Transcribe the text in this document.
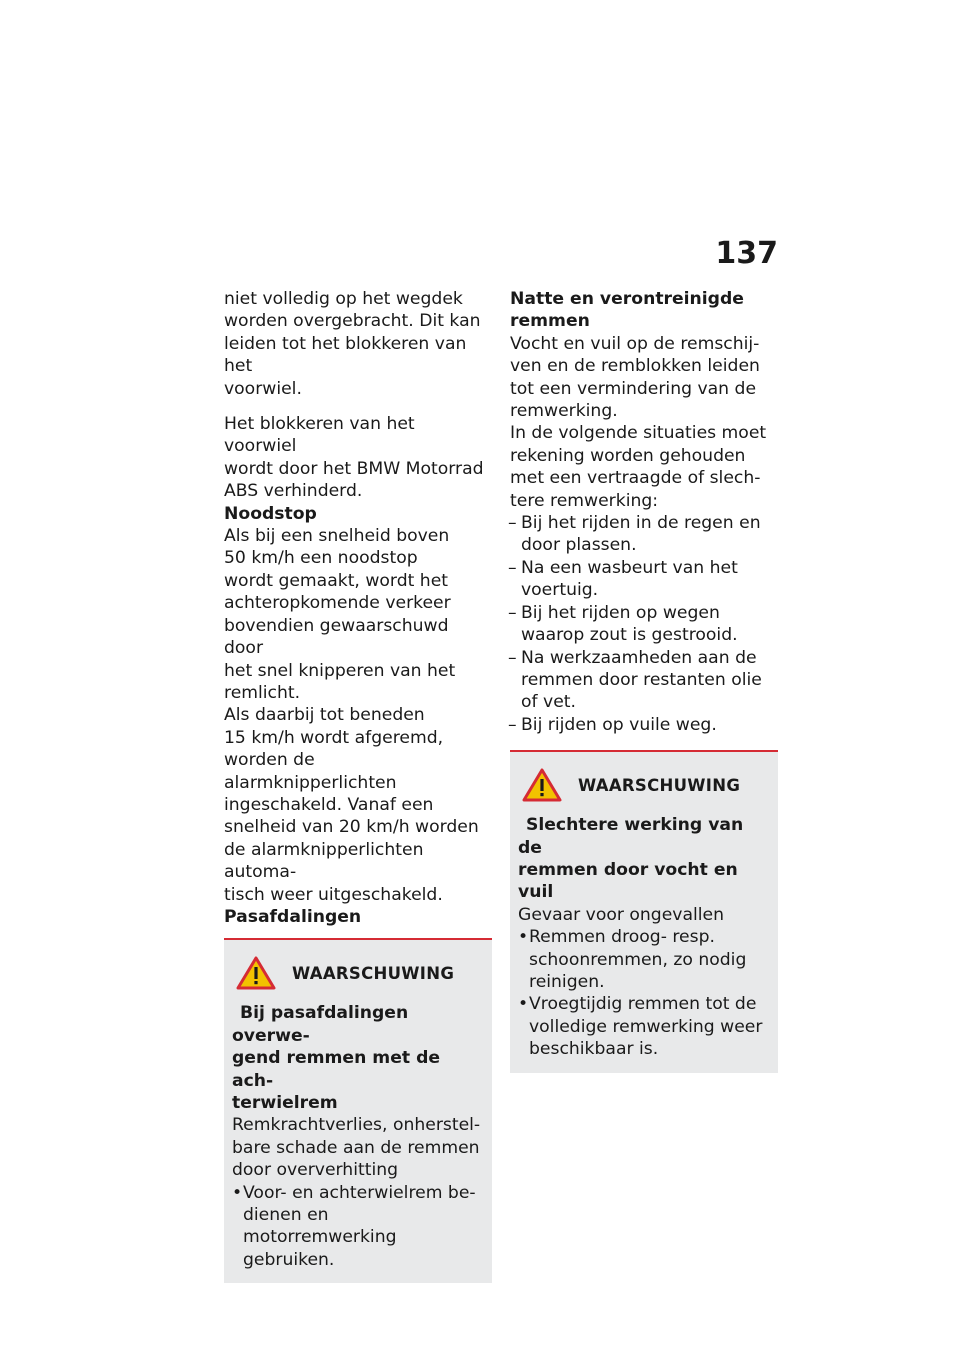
137

niet volledig op het wegdek
worden overgebracht. Dit kan
leiden tot het blokkeren van het
voorwiel.

Het blokkeren van het voorwiel
wordt door het BMW Motorrad
ABS verhinderd.

Noodstop

Als bij een snelheid boven
50 km/h een noodstop
wordt gemaakt, wordt het
achteropkomende verkeer
bovendien gewaarschuwd door
het snel knipperen van het
remlicht.

Als daarbij tot beneden
15 km/h wordt afgeremd,
worden de alarmknipperlichten
ingeschakeld. Vanaf een
snelheid van 20 km/h worden
de alarmknipperlichten automa-
tisch weer uitgeschakeld.

Pasafdalingen
WAARSCHUWING
Bij pasafdalingen overwe-
gend remmen met de ach-
terwielrem

Remkrachtverlies, onherstel-
bare schade aan de remmen
door oververhitting

• Voor- en achterwielrem be-
dienen en motorremwerking
gebruiken.
Natte en verontreinigde
remmen

Vocht en vuil op de remschij-
ven en de remblokken leiden
tot een vermindering van de
remwerking.

In de volgende situaties moet
rekening worden gehouden
met een vertraagde of slech-
tere remwerking:

– Bij het rijden in de regen en
door plassen.
– Na een wasbeurt van het
voertuig.
– Bij het rijden op wegen
waarop zout is gestrooid.
– Na werkzaamheden aan de
remmen door restanten olie
of vet.
– Bij rijden op vuile weg.
WAARSCHUWING
Slechtere werking van de
remmen door vocht en vuil

Gevaar voor ongevallen

• Remmen droog- resp.
schoonremmen, zo nodig
reinigen.
• Vroegtijdig remmen tot de
volledige remwerking weer
beschikbaar is.
